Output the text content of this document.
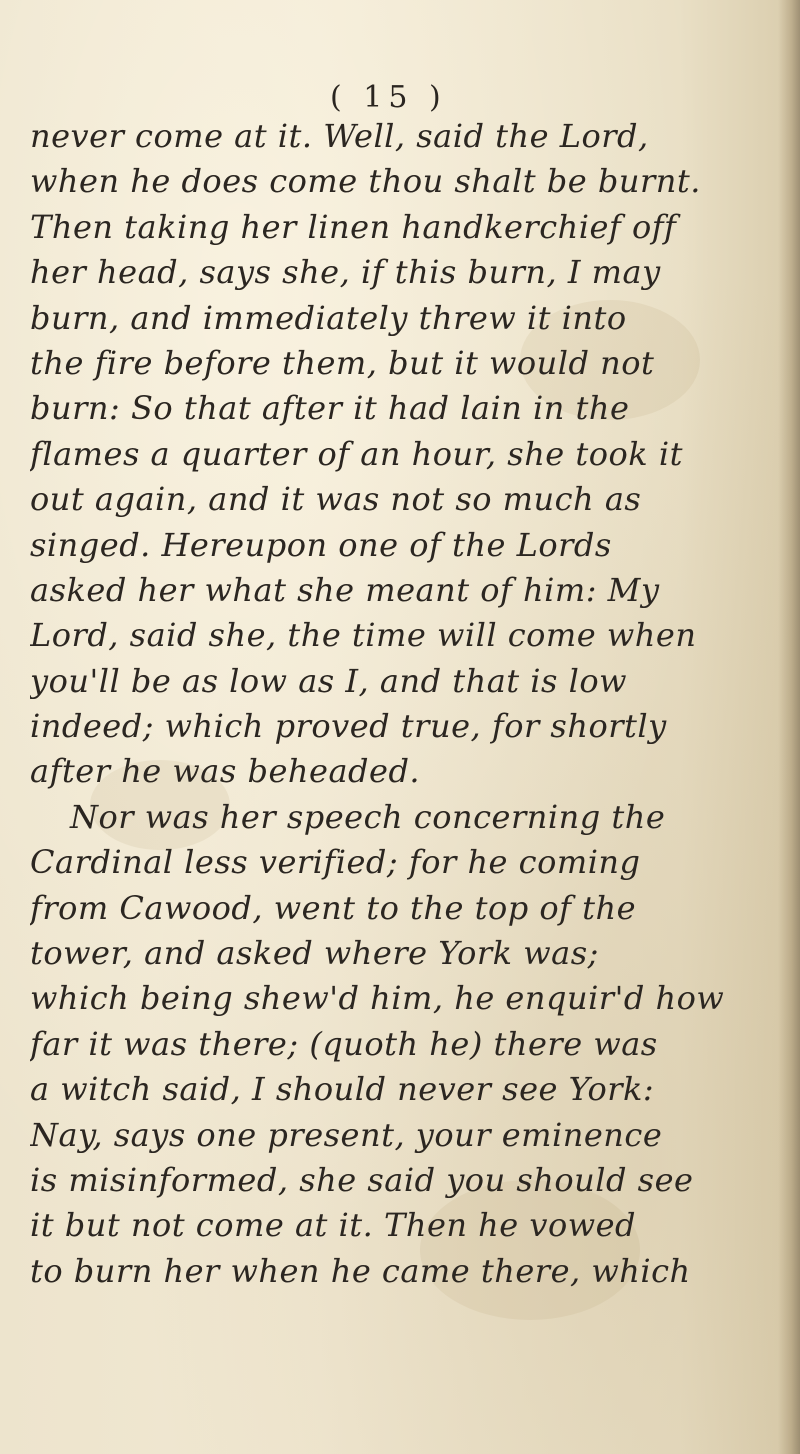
( 15 )
never come at it. Well, said the Lord,
when he does come thou shalt be burnt.
Then taking her linen handkerchief off
her head, says she, if this burn, I may
burn, and immediately threw it into
the fire before them, but it would not
burn: So that after it had lain in the
flames a quarter of an hour, she took it
out again, and it was not so much as
singed. Hereupon one of the Lords
asked her what she meant of him: My
Lord, said she, the time will come when
you'll be as low as I, and that is low
indeed; which proved true, for shortly
after he was beheaded.
Nor was her speech concerning the
Cardinal less verified; for he coming
from Cawood, went to the top of the
tower, and asked where York was;
which being shew'd him, he enquir'd how
far it was there; (quoth he) there was
a witch said, I should never see York:
Nay, says one present, your eminence
is misinformed, she said you should see
it but not come at it. Then he vowed
to burn her when he came there, which
